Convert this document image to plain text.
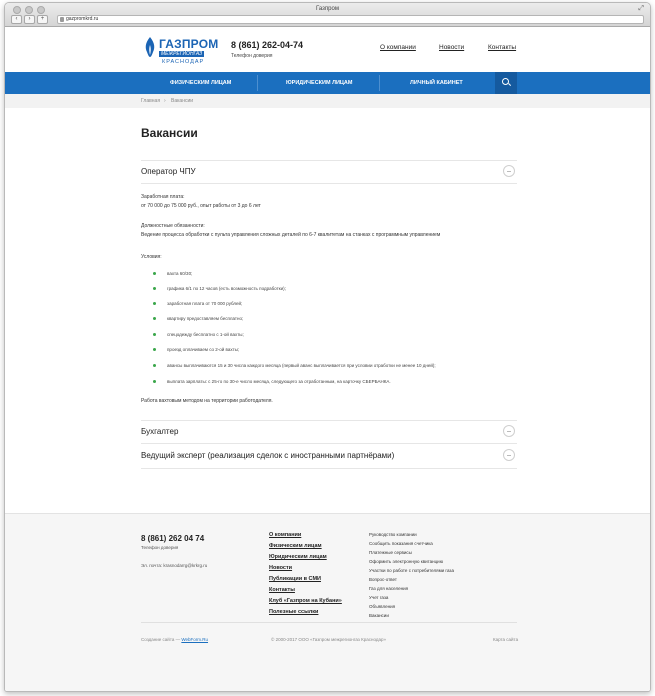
Газпром	⤢
‹	›	+	gazpromkrd.ru
ГАЗПРОМ
МЕЖРЕГИОНГАЗ
КРАСНОДАР
8 (861) 262-04-74
Телефон доверия
О компании	Новости	Контакты
ФИЗИЧЕСКИМ ЛИЦАМ	ЮРИДИЧЕСКИМ ЛИЦАМ	ЛИЧНЫЙ КАБИНЕТ
Главная › Вакансии
Вакансии
Оператор ЧПУ
Заработная плата:
от 70 000 до 75 000 руб., опыт работы от 3 до 6 лет
Должностные обязанности:
Ведение процесса обработки с пульта управления сложных деталей по 6-7 квалитетам на станках с программным управлением
Условия:
вахта 60/30;
графика 6/1 по 12 часов (есть возможность подработки);
заработная плата от 70 000 рублей;
квартиру предоставляем бесплатно;
спецодежду бесплатно с 1-ой вахты;
проезд оплачиваем со 2-ой вахты;
авансы выплачиваются 15 и 30 числа каждого месяца (первый аванс выплачивается при условии отработки не менее 10 дней);
выплата зарплаты: с 25-го по 30-е число месяца, следующего за отработанным, на карточку СБЕРБАНКА.
Работа вахтовым методом на территории работодателя.
Бухгалтер
Ведущий эксперт (реализация сделок с иностранными партнёрами)
8 (861) 262 04 74
Телефон доверия
Эл. почта: krasnodarrg@krkrg.ru
О компании
Физическим лицам
Юридическим лицам
Новости
Публикации в СМИ
Контакты
Клуб «Газпром на Кубани»
Полезные ссылки
Руководство компании
Сообщить показания счетчика
Платежные сервисы
Оформить электронную квитанцию
Участки по работе с потребителями газа
Вопрос-ответ
Газ для населения
Учет газа
Объявления
Вакансии
Создание сайта — WebForm.Ru	© 2000-2017 ООО «Газпром межрегионгаз Краснодар»	Карта сайта
